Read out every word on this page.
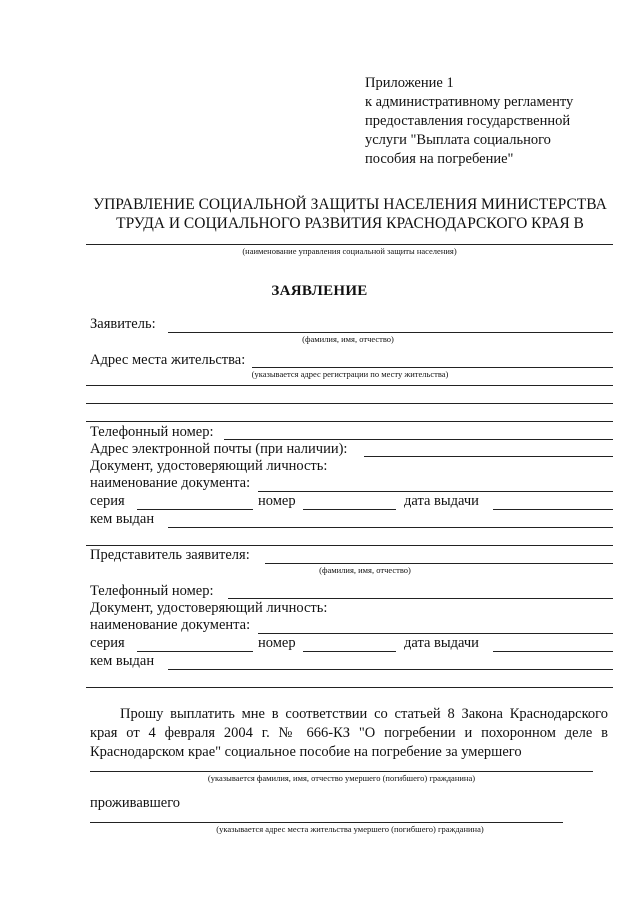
Приложение 1
к административному регламенту
предоставления государственной
услуги "Выплата социального
пособия на погребение"
УПРАВЛЕНИЕ СОЦИАЛЬНОЙ ЗАЩИТЫ НАСЕЛЕНИЯ МИНИСТЕРСТВА
ТРУДА И СОЦИАЛЬНОГО РАЗВИТИЯ КРАСНОДАРСКОГО КРАЯ В
(наименование управления социальной защиты населения)
ЗАЯВЛЕНИЕ
Заявитель:
(фамилия, имя, отчество)
Адрес места жительства:
(указывается адрес регистрации по месту жительства)
Телефонный номер:
Адрес электронной почты (при наличии):
Документ, удостоверяющий личность:
наименование документа:
серия	номер	дата выдачи
кем выдан
Представитель заявителя:
(фамилия, имя, отчество)
Телефонный номер:
Документ, удостоверяющий личность:
наименование документа:
серия	номер	дата выдачи
кем выдан
Прошу выплатить мне в соответствии со статьей 8 Закона Краснодарского
края от 4 февраля 2004 г. № 666-КЗ "О погребении и похоронном деле в
Краснодарском крае" социальное пособие на погребение за умершего
(указывается фамилия, имя, отчество умершего (погибшего) гражданина)
проживавшего
(указывается адрес места жительства умершего (погибшего) гражданина)
